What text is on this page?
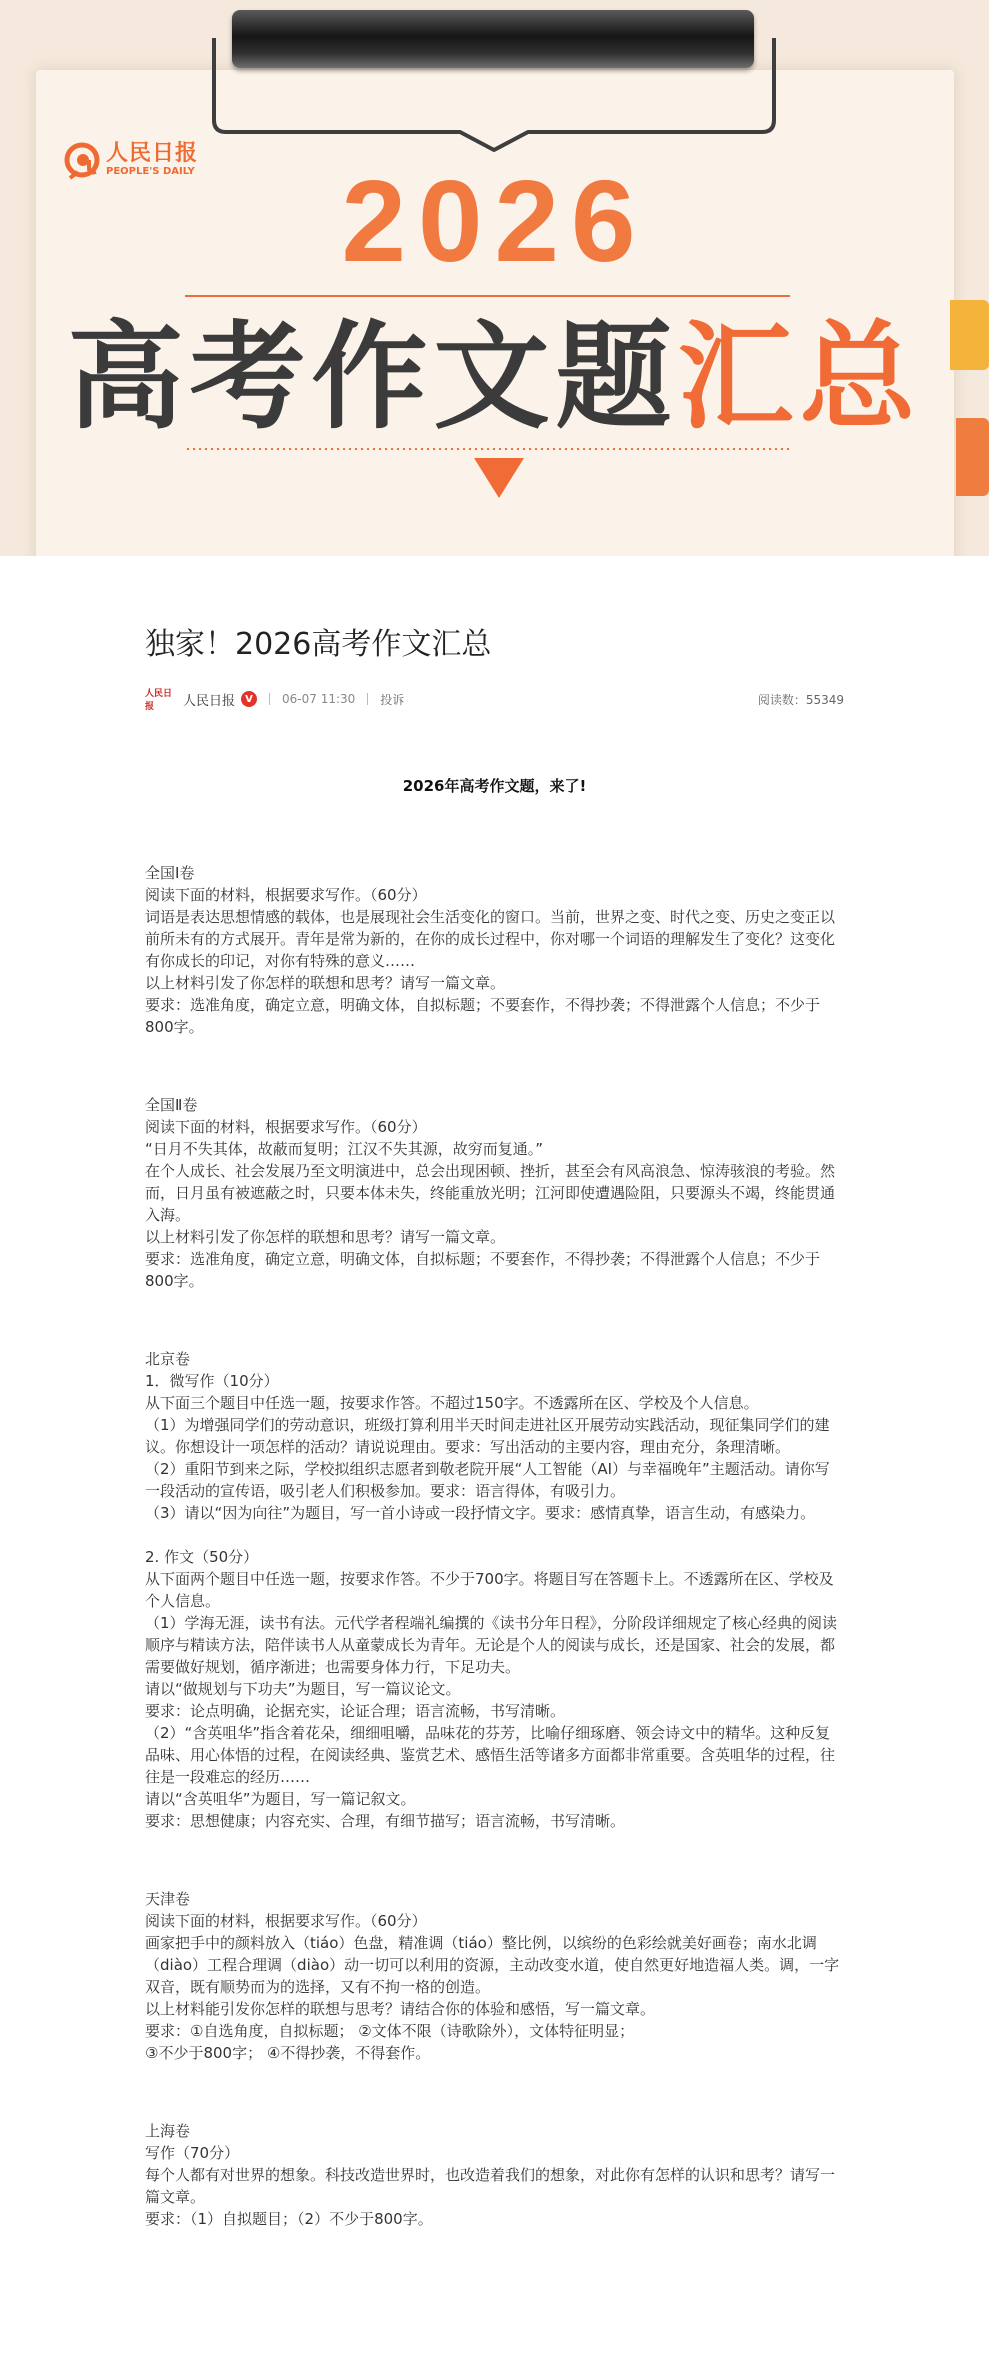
人民日报
PEOPLE'S DAILY	2026
高考作文题汇总
独家！2026高考作文汇总
人民日报	人民日报	V	06-07 11:30 投诉	阅读数：55349
2026年高考作文题，来了!
全国Ⅰ卷

阅读下面的材料，根据要求写作。（60分）

词语是表达思想情感的载体，也是展现社会生活变化的窗口。当前，世界之变、时代之变、历史之变正以前所未有的方式展开。青年是常为新的，在你的成长过程中，你对哪一个词语的理解发生了变化？这变化有你成长的印记，对你有特殊的意义……

以上材料引发了你怎样的联想和思考？请写一篇文章。

要求：选准角度，确定立意，明确文体，自拟标题；不要套作，不得抄袭；不得泄露个人信息；不少于800字。

全国Ⅱ卷

阅读下面的材料，根据要求写作。（60分）

“日月不失其体，故蔽而复明；江汉不失其源，故穷而复通。”

在个人成长、社会发展乃至文明演进中，总会出现困顿、挫折，甚至会有风高浪急、惊涛骇浪的考验。然而，日月虽有被遮蔽之时，只要本体未失，终能重放光明；江河即使遭遇险阻，只要源头不竭，终能贯通入海。

以上材料引发了你怎样的联想和思考？请写一篇文章。

要求：选准角度，确定立意，明确文体，自拟标题；不要套作，不得抄袭；不得泄露个人信息；不少于800字。

北京卷

1．微写作（10分）

从下面三个题目中任选一题，按要求作答。不超过150字。不透露所在区、学校及个人信息。

（1）为增强同学们的劳动意识，班级打算利用半天时间走进社区开展劳动实践活动，现征集同学们的建议。你想设计一项怎样的活动？请说说理由。要求：写出活动的主要内容，理由充分，条理清晰。

（2）重阳节到来之际，学校拟组织志愿者到敬老院开展“人工智能（AI）与幸福晚年”主题活动。请你写一段活动的宣传语，吸引老人们积极参加。要求：语言得体，有吸引力。

（3）请以“因为向往”为题目，写一首小诗或一段抒情文字。要求：感情真挚，语言生动，有感染力。

2. 作文（50分）

从下面两个题目中任选一题，按要求作答。不少于700字。将题目写在答题卡上。不透露所在区、学校及个人信息。

（1）学海无涯，读书有法。元代学者程端礼编撰的《读书分年日程》，分阶段详细规定了核心经典的阅读顺序与精读方法，陪伴读书人从童蒙成长为青年。无论是个人的阅读与成长，还是国家、社会的发展，都需要做好规划，循序渐进；也需要身体力行，下足功夫。

请以“做规划与下功夫”为题目，写一篇议论文。

要求：论点明确，论据充实，论证合理；语言流畅，书写清晰。

（2）“含英咀华”指含着花朵，细细咀嚼，品味花的芬芳，比喻仔细琢磨、领会诗文中的精华。这种反复品味、用心体悟的过程，在阅读经典、鉴赏艺术、感悟生活等诸多方面都非常重要。含英咀华的过程，往往是一段难忘的经历……

请以“含英咀华”为题目，写一篇记叙文。

要求：思想健康；内容充实、合理，有细节描写；语言流畅，书写清晰。

天津卷

阅读下面的材料，根据要求写作。（60分）

画家把手中的颜料放入（tiáo）色盘，精准调（tiáo）整比例，以缤纷的色彩绘就美好画卷；南水北调（diào）工程合理调（diào）动一切可以利用的资源，主动改变水道，使自然更好地造福人类。调，一字双音，既有顺势而为的选择，又有不拘一格的创造。

以上材料能引发你怎样的联想与思考？请结合你的体验和感悟，写一篇文章。

要求：①自选角度，自拟标题； ②文体不限（诗歌除外），文体特征明显；

③不少于800字； ④不得抄袭，不得套作。

上海卷

写作（70分）

每个人都有对世界的想象。科技改造世界时，也改造着我们的想象，对此你有怎样的认识和思考？请写一篇文章。

要求：（1）自拟题目；（2）不少于800字。
